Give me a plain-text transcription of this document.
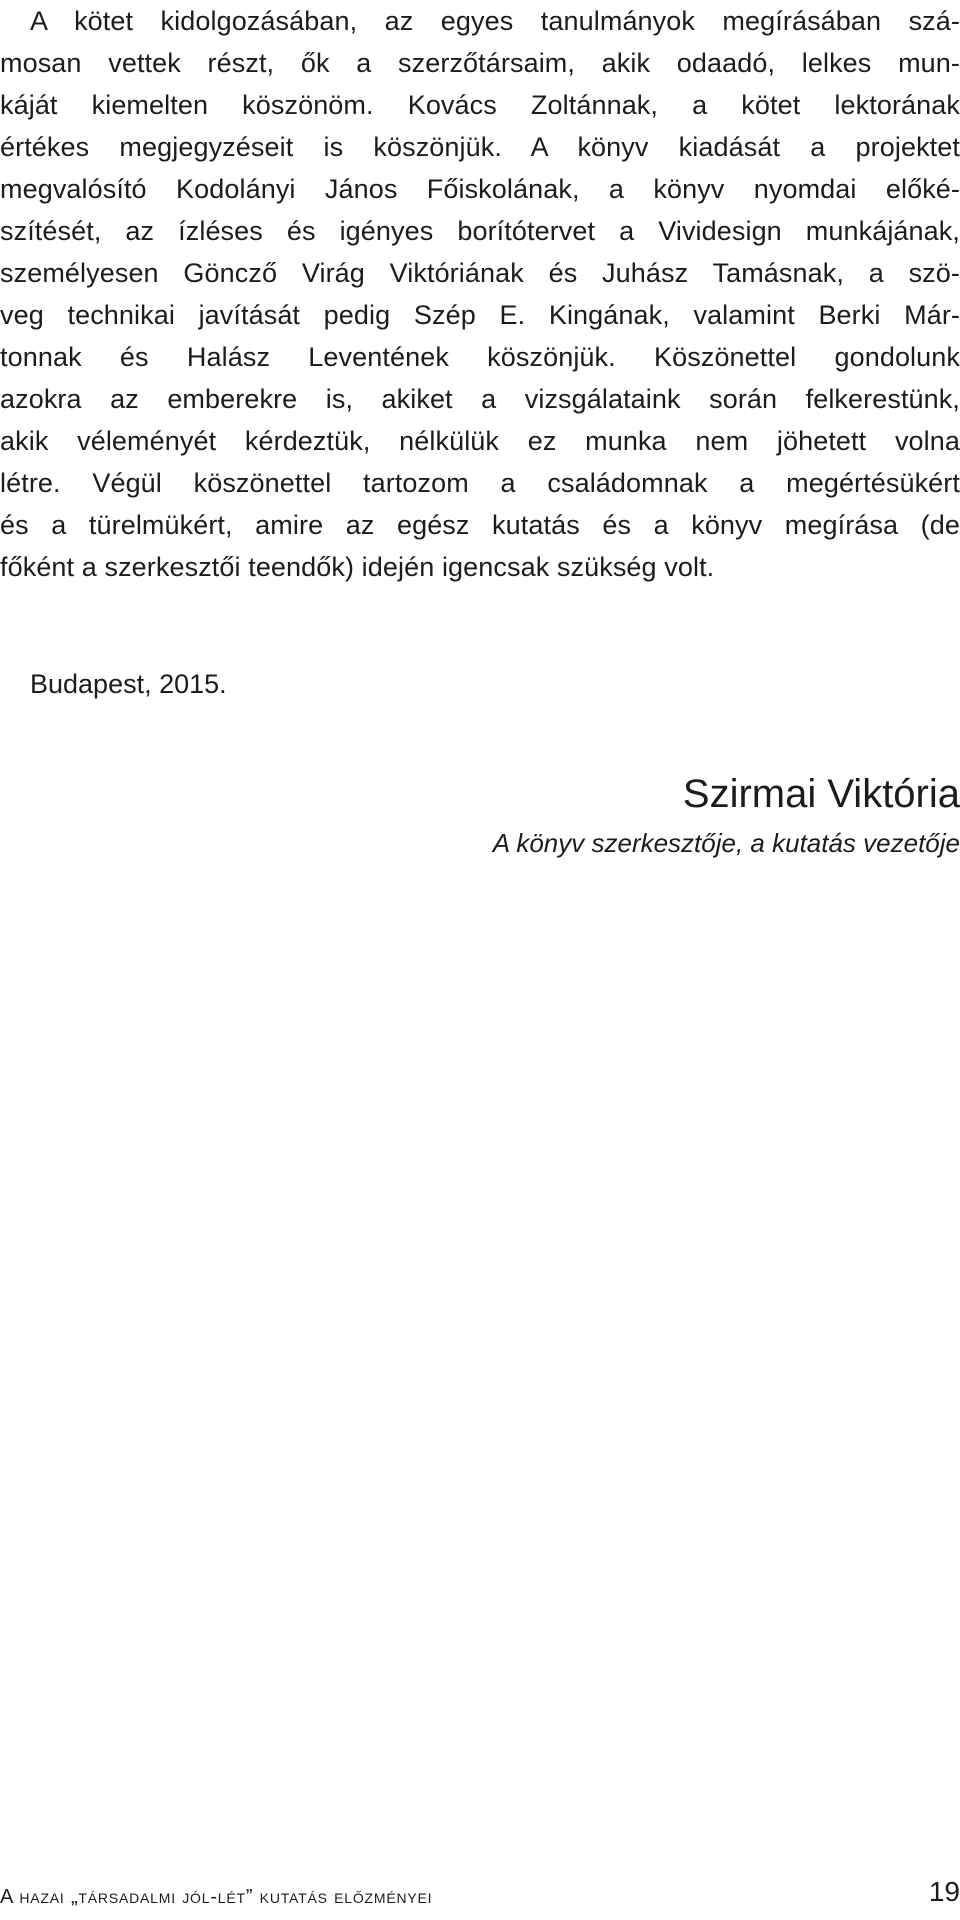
A kötet kidolgozásában, az egyes tanulmányok megírásában szá-
mosan vettek részt, ők a szerzőtársaim, akik odaadó, lelkes mun-
káját kiemelten köszönöm. Kovács Zoltánnak, a kötet lektorának
értékes megjegyzéseit is köszönjük. A könyv kiadását a projektet
megvalósító Kodolányi János Főiskolának, a könyv nyomdai előké-
szítését, az ízléses és igényes borítótervet a Vividesign munkájának,
személyesen Göncző Virág Viktóriának és Juhász Tamásnak, a szö-
veg technikai javítását pedig Szép E. Kingának, valamint Berki Már-
tonnak és Halász Leventének köszönjük. Köszönettel gondolunk
azokra az emberekre is, akiket a vizsgálataink során felkerestünk,
akik véleményét kérdeztük, nélkülük ez munka nem jöhetett volna
létre. Végül köszönettel tartozom a családomnak a megértésükért
és a türelmükért, amire az egész kutatás és a könyv megírása (de
főként a szerkesztői teendők) idején igencsak szükség volt.
Budapest, 2015.
Szirmai Viktória
A könyv szerkesztője, a kutatás vezetője
A hazai „társadalmi jól-lét” kutatás előzményei	19
